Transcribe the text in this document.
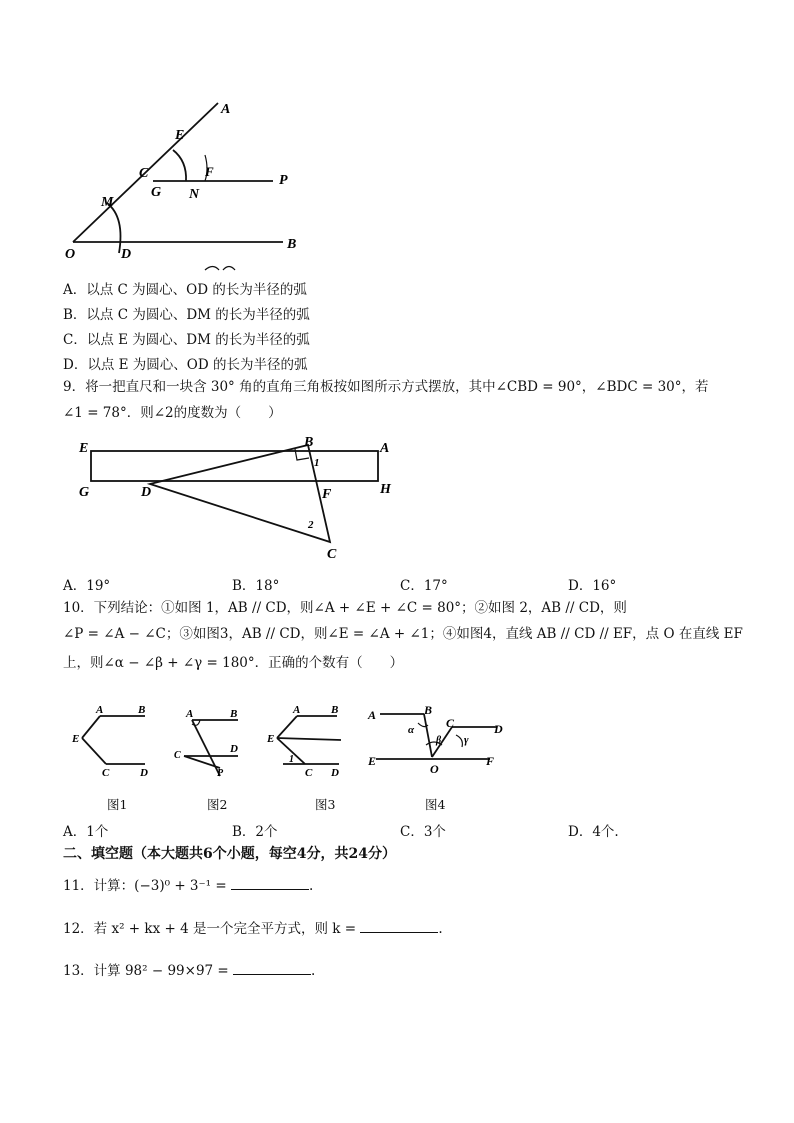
A
E
C	F
P
G N
M
O	D
B
A．以点 C 为圆心、OD 的长为半径的弧
B．以点 C 为圆心、DM 的长为半径的弧
C．以点 E 为圆心、DM 的长为半径的弧
D．以点 E 为圆心、OD 的长为半径的弧
9．将一把直尺和一块含 30° 角的直角三角板按如图所示方式摆放，其中∠CBD = 90°，∠BDC = 30°，若
∠1 = 78°．则∠2的度数为（　　）
E	B	A
G	D	H
F
C
1
2
A．19°	B．18°	C．17°	D．16°
10．下列结论：①如图 1，AB // CD，则∠A + ∠E + ∠C = 80°；②如图 2，AB // CD，则
∠P = ∠A − ∠C；③如图3，AB // CD，则∠E = ∠A + ∠1；④如图4，直线 AB // CD // EF，点 O 在直线 EF
上，则∠α − ∠β + ∠γ = 180°．正确的个数有（　　）
A	B
E
C	D
图1
A	B
C
D
P
图2
A	B
E
1
C D
图3
A	B
C	D
E
O
F
α
β γ
图4
A．1个	B．2个	C．3个	D．4个.
二、填空题（本大题共6个小题，每空4分，共24分）
11．计算：(−3)⁰ + 3⁻¹ =	.
12．若 x² + kx + 4 是一个完全平方式，则 k =	.
13．计算 98² − 99×97 =	.
